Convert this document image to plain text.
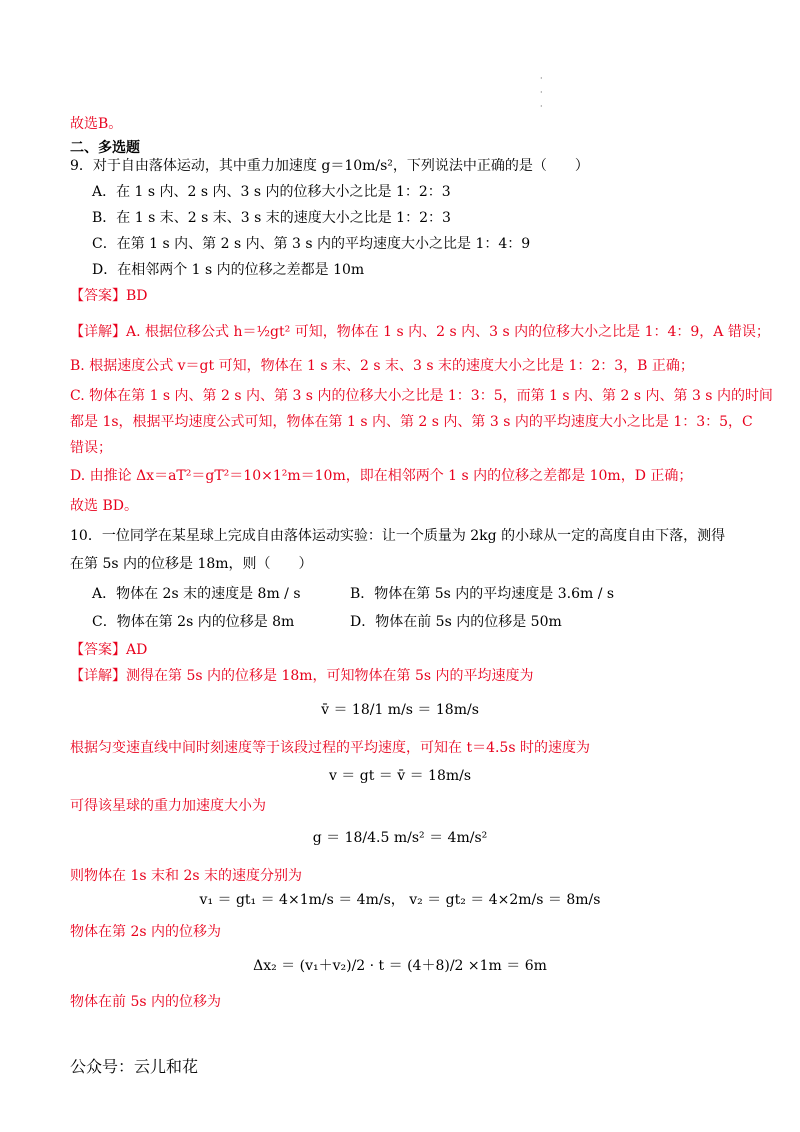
·
·
·
故选B。
二、多选题
9．对于自由落体运动，其中重力加速度 g＝10m/s²，下列说法中正确的是（　　）
A．在 1 s 内、2 s 内、3 s 内的位移大小之比是 1：2：3
B．在 1 s 末、2 s 末、3 s 末的速度大小之比是 1：2：3
C．在第 1 s 内、第 2 s 内、第 3 s 内的平均速度大小之比是 1：4：9
D．在相邻两个 1 s 内的位移之差都是 10m
【答案】BD
【详解】A. 根据位移公式 h＝½gt² 可知，物体在 1 s 内、2 s 内、3 s 内的位移大小之比是 1：4：9，A 错误；
B. 根据速度公式 v＝gt 可知，物体在 1 s 末、2 s 末、3 s 末的速度大小之比是 1：2：3，B 正确；
C. 物体在第 1 s 内、第 2 s 内、第 3 s 内的位移大小之比是 1：3：5，而第 1 s 内、第 2 s 内、第 3 s 内的时间
都是 1s，根据平均速度公式可知，物体在第 1 s 内、第 2 s 内、第 3 s 内的平均速度大小之比是 1：3：5，C
错误；
D. 由推论 Δx＝aT²＝gT²＝10×1²m＝10m，即在相邻两个 1 s 内的位移之差都是 10m，D 正确；
故选 BD。
10．一位同学在某星球上完成自由落体运动实验：让一个质量为 2kg 的小球从一定的高度自由下落，测得
在第 5s 内的位移是 18m，则（　　）
A．物体在 2s 末的速度是 8m / s	B．物体在第 5s 内的平均速度是 3.6m / s
C．物体在第 2s 内的位移是 8m	D．物体在前 5s 内的位移是 50m
【答案】AD
【详解】测得在第 5s 内的位移是 18m，可知物体在第 5s 内的平均速度为
v̄ ＝ 18/1 m/s ＝ 18m/s
根据匀变速直线中间时刻速度等于该段过程的平均速度，可知在 t＝4.5s 时的速度为
v ＝ gt ＝ v̄ ＝ 18m/s
可得该星球的重力加速度大小为
g ＝ 18/4.5 m/s² ＝ 4m/s²
则物体在 1s 末和 2s 末的速度分别为
v₁ ＝ gt₁ ＝ 4×1m/s ＝ 4m/s， v₂ ＝ gt₂ ＝ 4×2m/s ＝ 8m/s
物体在第 2s 内的位移为
Δx₂ ＝ (v₁＋v₂)/2 · t ＝ (4＋8)/2 ×1m ＝ 6m
物体在前 5s 内的位移为
公众号：云儿和花
